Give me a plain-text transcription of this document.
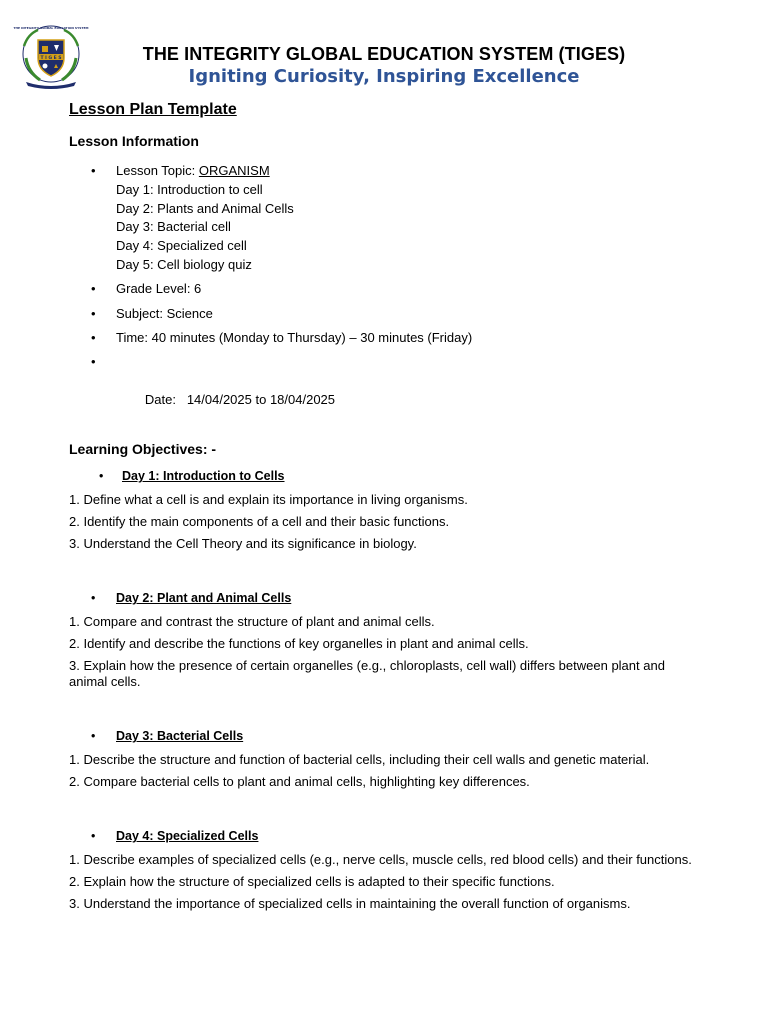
THE INTEGRITY GLOBAL EDUCATION SYSTEM
T I G E S	THE INTEGRITY GLOBAL EDUCATION SYSTEM (TIGES)
Igniting Curiosity, Inspiring Excellence
Lesson Plan Template
Lesson Information
• Lesson Topic: ORGANISM
Day 1: Introduction to cell
Day 2: Plants and Animal Cells
Day 3: Bacterial cell
Day 4: Specialized cell
Day 5: Cell biology quiz
• Grade Level: 6
• Subject: Science
• Time: 40 minutes (Monday to Thursday) – 30 minutes (Friday)

•

Date:   14/04/2025 to 18/04/2025

Learning Objectives: -
• Day 1: Introduction to Cells

1. Define what a cell is and explain its importance in living organisms.

2. Identify the main components of a cell and their basic functions.

3. Understand the Cell Theory and its significance in biology.

• Day 2: Plant and Animal Cells

1. Compare and contrast the structure of plant and animal cells.

2. Identify and describe the functions of key organelles in plant and animal cells.

3. Explain how the presence of certain organelles (e.g., chloroplasts, cell wall) differs between plant and animal cells.

• Day 3: Bacterial Cells

1. Describe the structure and function of bacterial cells, including their cell walls and genetic material.

2. Compare bacterial cells to plant and animal cells, highlighting key differences.

• Day 4: Specialized Cells

1. Describe examples of specialized cells (e.g., nerve cells, muscle cells, red blood cells) and their functions.

2. Explain how the structure of specialized cells is adapted to their specific functions.

3. Understand the importance of specialized cells in maintaining the overall function of organisms.
